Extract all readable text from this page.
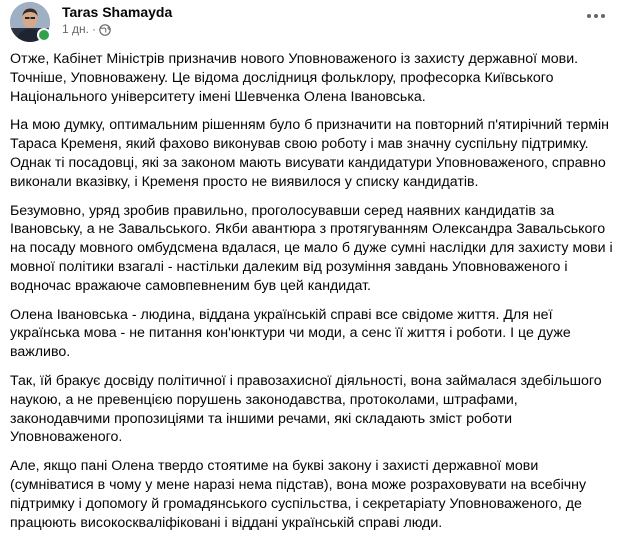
Taras Shamayda
1 дн. ·

Отже, Кабінет Міністрів призначив нового Уповноваженого із захисту державної мови. Точніше, Уповноважену. Це відома дослідниця фольклору, професорка Київського Національного університету імені Шевченка Олена Івановська.

На мою думку, оптимальним рішенням було б призначити на повторний п'ятирічний термін Тараса Кременя, який фахово виконував свою роботу і мав значну суспільну підтримку. Однак ті посадовці, які за законом мають висувати кандидатури Уповноваженого, справно виконали вказівку, і Кременя просто не виявилося у списку кандидатів.

Безумовно, уряд зробив правильно, проголосувавши серед наявних кандидатів за Івановську, а не Завальського. Якби авантюра з протягуванням Олександра Завальського на посаду мовного омбудсмена вдалася, це мало б дуже сумні наслідки для захисту мови і мовної політики взагалі - настільки далеким від розуміння завдань Уповноваженого і водночас вражаюче самовпевненим був цей кандидат.

Олена Івановська - людина, віддана українській справі все свідоме життя. Для неї українська мова - не питання кон'юнктури чи моди, а сенс її життя і роботи. І це дуже важливо.

Так, їй бракує досвіду політичної і правозахисної діяльності, вона займалася здебільшого наукою, а не превенцією порушень законодавства, протоколами, штрафами, законодавчими пропозиціями та іншими речами, які складають зміст роботи Уповноваженого.

Але, якщо пані Олена твердо стоятиме на букві закону і захисті державної мови (сумніватися в чому у мене наразі нема підстав), вона може розраховувати на всебічну підтримку і допомогу й громадянського суспільства, і секретаріату Уповноваженого, де працюють високоскваліфіковані і віддані українській справі люди.
